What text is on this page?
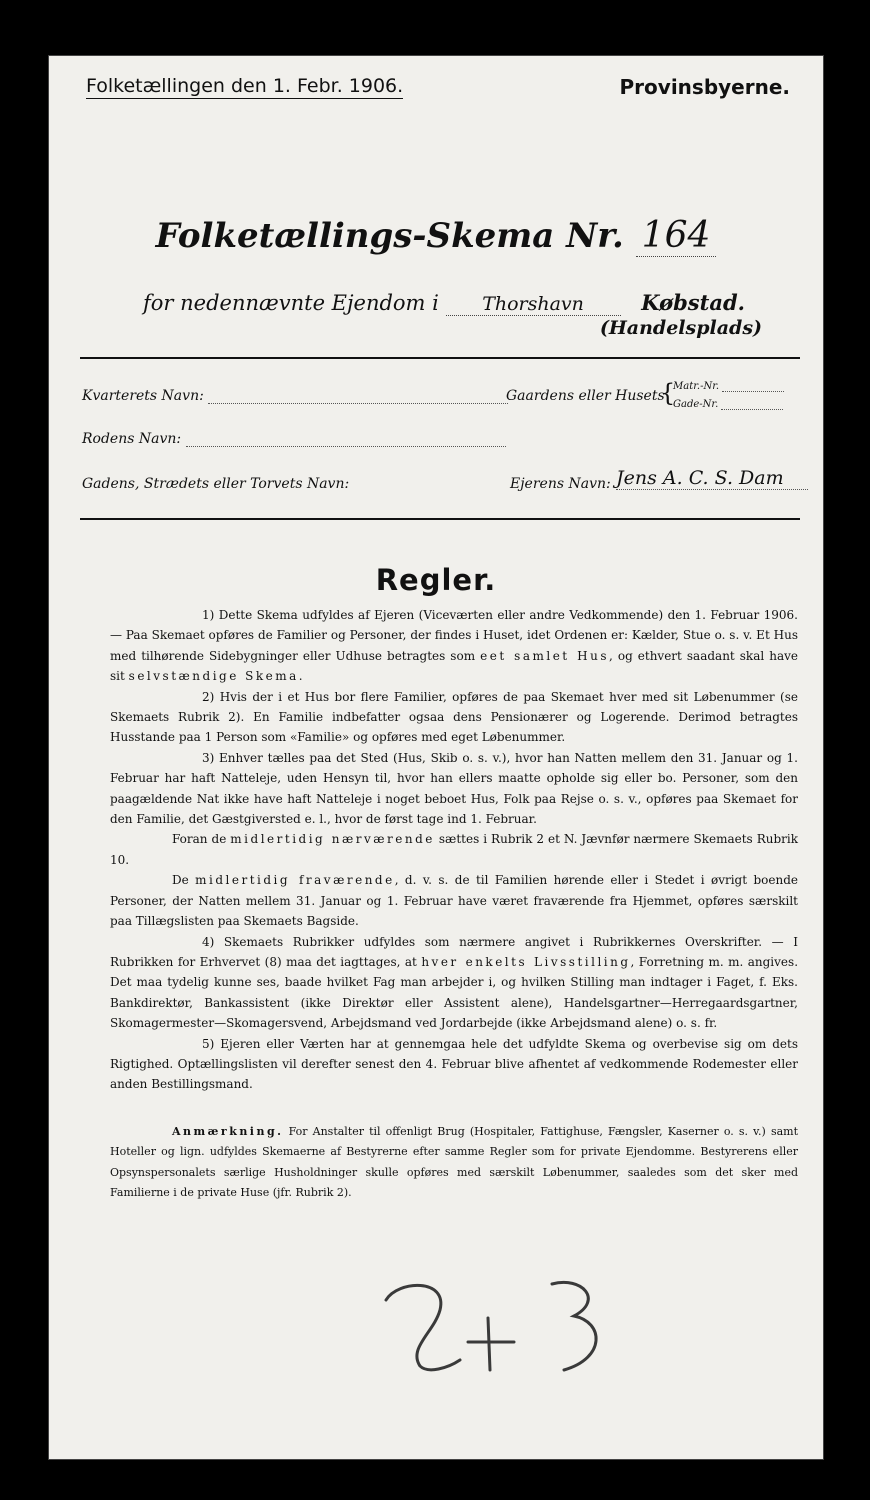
Folketællingen den 1. Febr. 1906.	Provinsbyerne.
Folketællings-Skema Nr. 164
for nedennævnte Ejendom i Thorshavn	Købstad.
(Handelsplads)
Kvarterets Navn:	Gaardens eller Husets
{
Matr.-Nr.
Gade-Nr.
Rodens Navn:
Gadens, Strædets eller Torvets Navn:	Ejerens Navn: Jens A. C. S. Dam
Regler.

1) Dette Skema udfyldes af Ejeren (Viceværten eller andre Vedkommende) den 1. Februar 1906. — Paa Skemaet opføres de Familier og Personer, der findes i Huset, idet Ordenen er: Kælder, Stue o. s. v. Et Hus med tilhørende Sidebygninger eller Udhuse betragtes som eet samlet Hus, og ethvert saadant skal have sit selvstændige Skema.

2) Hvis der i et Hus bor flere Familier, opføres de paa Skemaet hver med sit Løbenummer (se Skemaets Rubrik 2). En Familie indbefatter ogsaa dens Pensionærer og Logerende. Derimod betragtes Husstande paa 1 Person som «Familie» og opføres med eget Løbenummer.

3) Enhver tælles paa det Sted (Hus, Skib o. s. v.), hvor han Natten mellem den 31. Januar og 1. Februar har haft Natteleje, uden Hensyn til, hvor han ellers maatte opholde sig eller bo. Personer, som den paagældende Nat ikke have haft Natteleje i noget beboet Hus, Folk paa Rejse o. s. v., opføres paa Skemaet for den Familie, det Gæstgiversted e. l., hvor de først tage ind 1. Februar.

Foran de midlertidig nærværende sættes i Rubrik 2 et N. Jævnfør nærmere Skemaets Rubrik 10.

De midlertidig fraværende, d. v. s. de til Familien hørende eller i Stedet i øvrigt boende Personer, der Natten mellem 31. Januar og 1. Februar have været fraværende fra Hjemmet, opføres særskilt paa Tillægslisten paa Skemaets Bagside.

4) Skemaets Rubrikker udfyldes som nærmere angivet i Rubrikkernes Overskrifter. — I Rubrikken for Erhvervet (8) maa det iagttages, at hver enkelts Livsstilling, Forretning m. m. angives. Det maa tydelig kunne ses, baade hvilket Fag man arbejder i, og hvilken Stilling man indtager i Faget, f. Eks. Bankdirektør, Bankassistent (ikke Direktør eller Assistent alene), Handelsgartner—Herregaardsgartner, Skomagermester—Skomagersvend, Arbejdsmand ved Jordarbejde (ikke Arbejdsmand alene) o. s. fr.

5) Ejeren eller Værten har at gennemgaa hele det udfyldte Skema og overbevise sig om dets Rigtighed. Optællingslisten vil derefter senest den 4. Februar blive afhentet af vedkommende Rodemester eller anden Bestillingsmand.

Anmærkning. For Anstalter til offenligt Brug (Hospitaler, Fattighuse, Fængsler, Kaserner o. s. v.) samt Hoteller og lign. udfyldes Skemaerne af Bestyrerne efter samme Regler som for private Ejendomme. Bestyrerens eller Opsynspersonalets særlige Husholdninger skulle opføres med særskilt Løbenummer, saaledes som det sker med Familierne i de private Huse (jfr. Rubrik 2).
